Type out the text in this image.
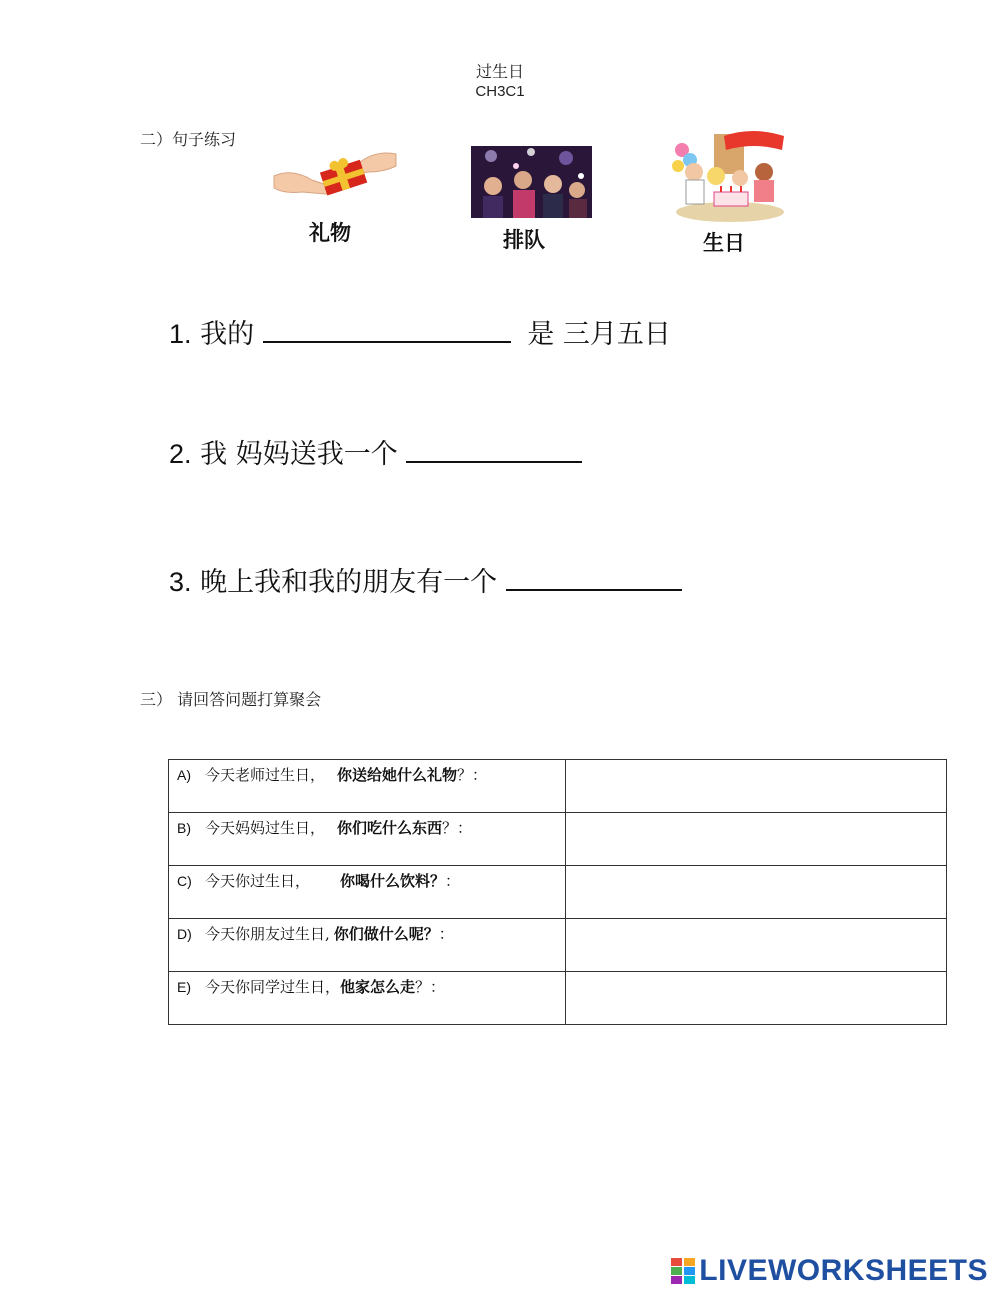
过生日
CH3C1
二）句子练习
礼物	排队	生日
1. 我的	是 三月五日
2. 我 妈妈送我一个
3. 晚上我和我的朋友有一个
三） 请回答问题打算聚会
A) 今天老师过生日， 你送给她什么礼物？：	
B) 今天妈妈过生日， 你们吃什么东西？：	
C) 今天你过生日， 你喝什么饮料？：	
D) 今天你朋友过生日, 你们做什么呢？：	
E) 今天你同学过生日，他家怎么走？：	
LIVEWORKSHEETS
